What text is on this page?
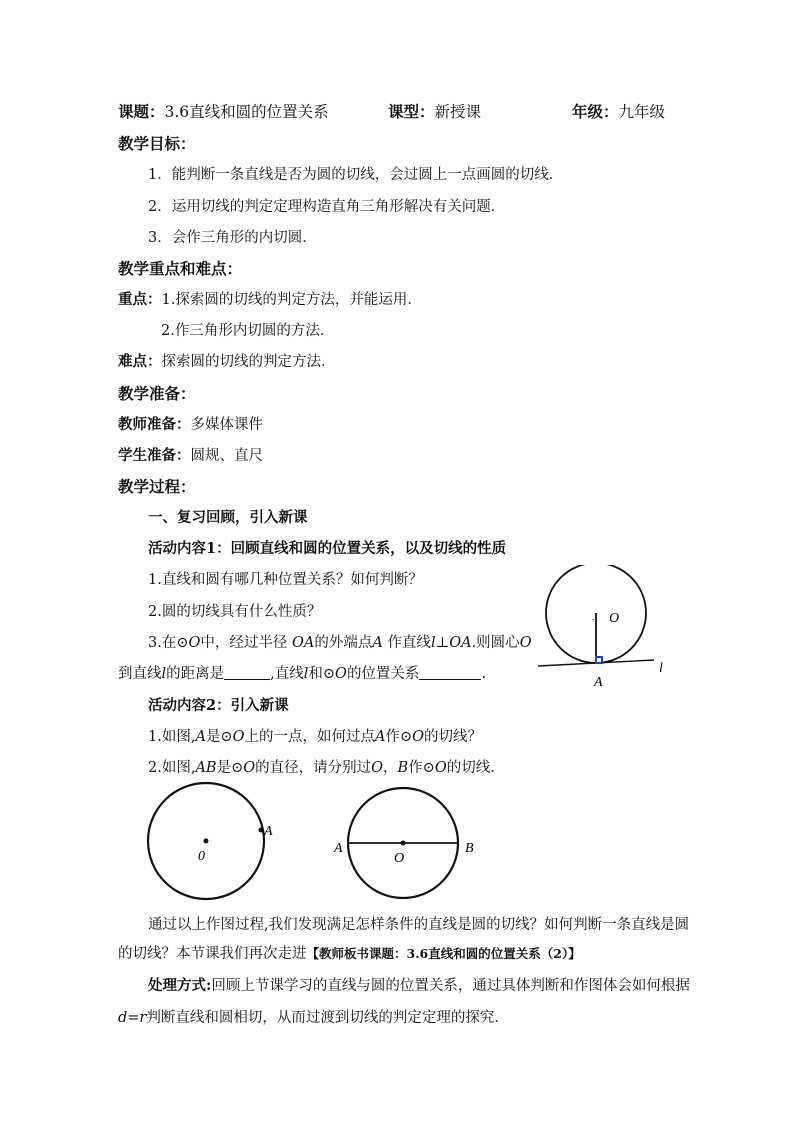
课题：3.6直线和圆的位置关系	课型：新授课	年级：九年级
教学目标：
1．能判断一条直线是否为圆的切线，会过圆上一点画圆的切线．
2．运用切线的判定定理构造直角三角形解决有关问题．
3．会作三角形的内切圆．
教学重点和难点：
重点：1.探索圆的切线的判定方法，并能运用．
2.作三角形内切圆的方法．
难点：探索圆的切线的判定方法．
教学准备：
教师准备：多媒体课件
学生准备：圆规、直尺
教学过程：
一、复习回顾，引入新课
活动内容1：回顾直线和圆的位置关系，以及切线的性质
1.直线和圆有哪几种位置关系？如何判断？
2.圆的切线具有什么性质？
3.在⊙O中，经过半径 OA的外端点A 作直线l⊥OA.则圆心O
到直线l的距离是	,直线l和⊙O的位置关系	.
活动内容2：引入新课
1.如图,A是⊙O上的一点，如何过点A作⊙O的切线？
2.如图,AB是⊙O的直径，请分别过O，B作⊙O的切线．
通过以上作图过程,我们发现满足怎样条件的直线是圆的切线？如何判断一条直线是圆
的切线？本节课我们再次走进【教师板书课题：3.6直线和圆的位置关系（2）】
处理方式:回顾上节课学习的直线与圆的位置关系，通过具体判断和作图体会如何根据
d=r判断直线和圆相切，从而过渡到切线的判定定理的探究．
. O
A
l
A
0
A
O
B
